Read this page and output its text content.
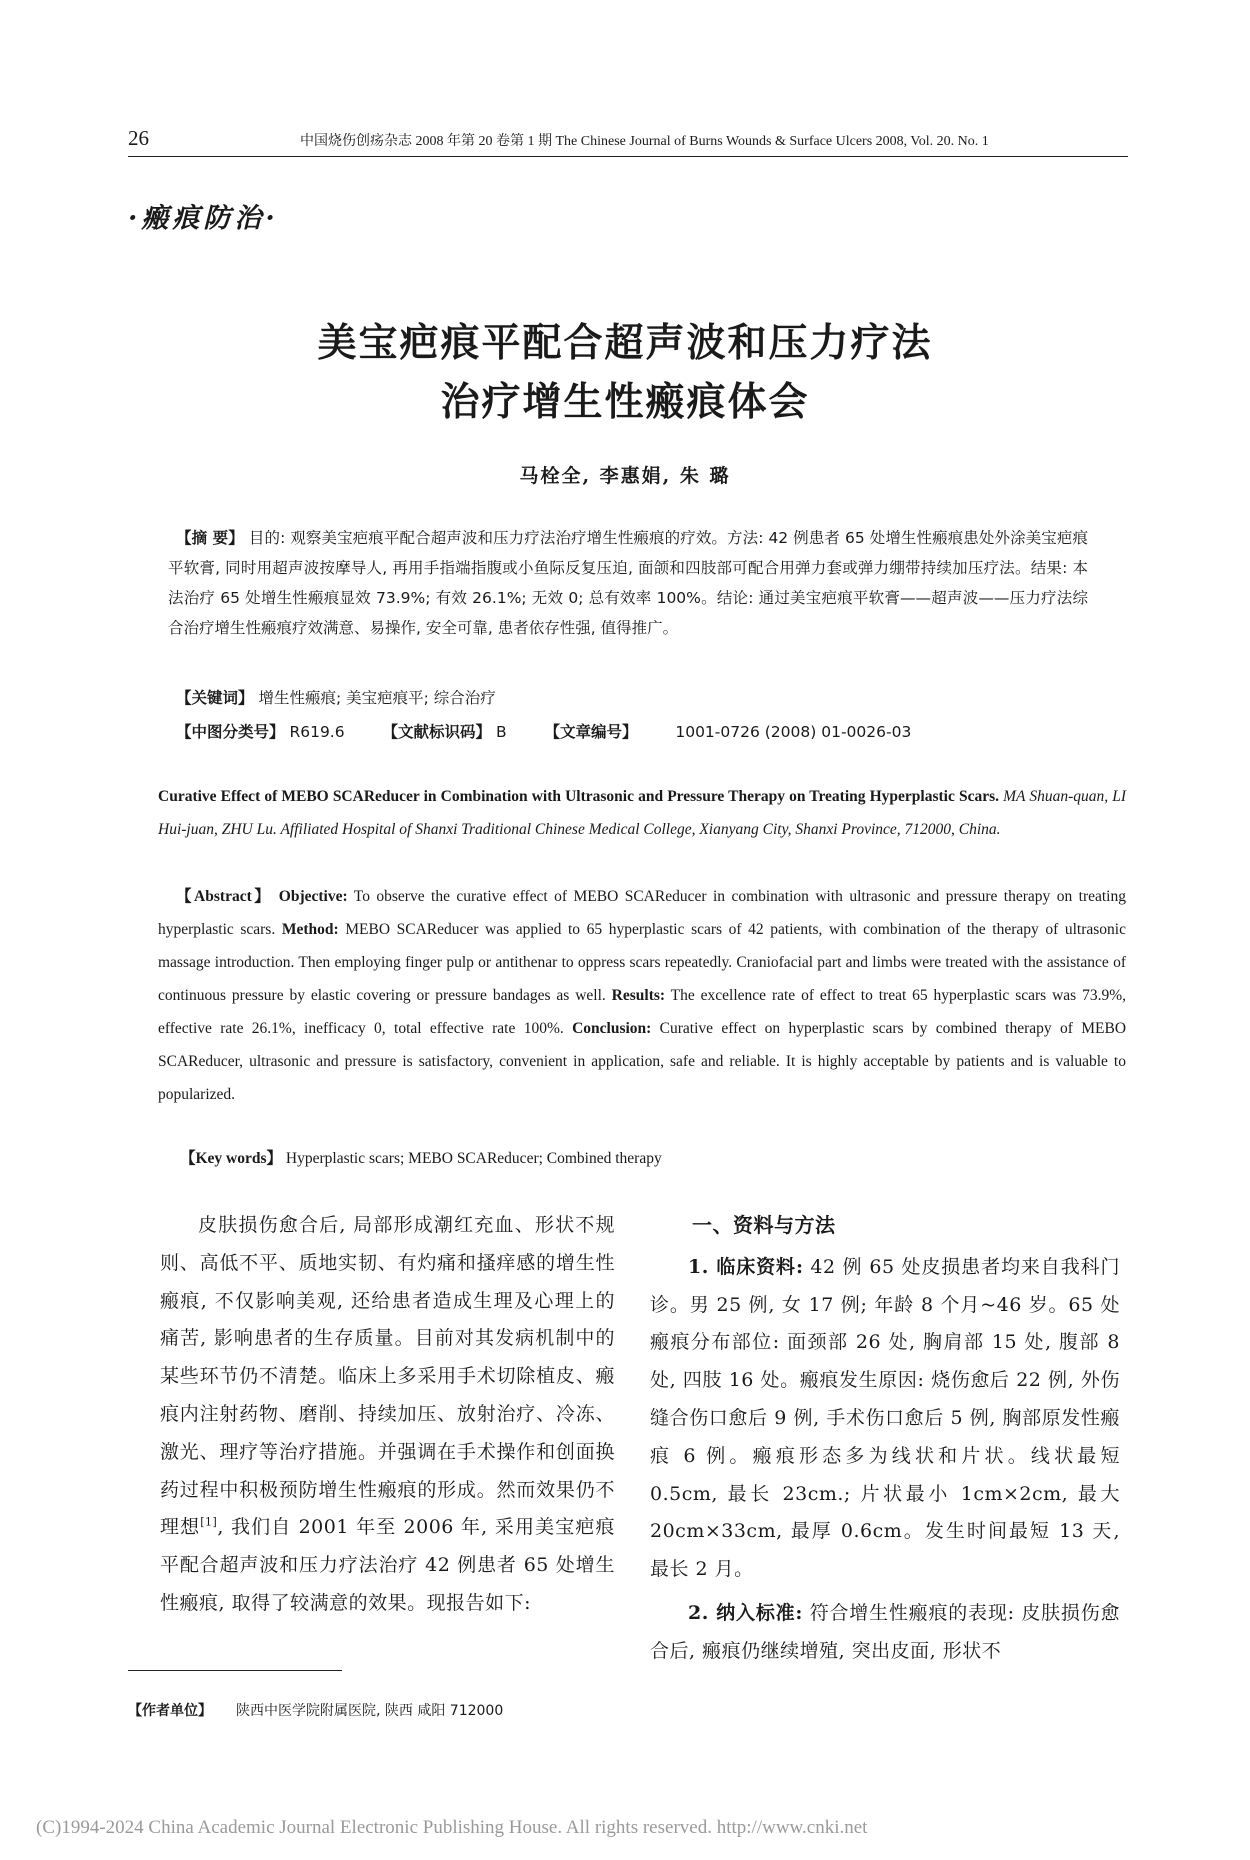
26	中国烧伤创疡杂志 2008 年第 20 卷第 1 期 The Chinese Journal of Burns Wounds & Surface Ulcers 2008, Vol. 20. No. 1
·瘢痕防治·
美宝疤痕平配合超声波和压力疗法
治疗增生性瘢痕体会
马栓全, 李惠娟, 朱 璐
【摘 要】 目的: 观察美宝疤痕平配合超声波和压力疗法治疗增生性瘢痕的疗效。方法: 42 例患者 65 处增生性瘢痕患处外涂美宝疤痕平软膏, 同时用超声波按摩导人, 再用手指端指腹或小鱼际反复压迫, 面颌和四肢部可配合用弹力套或弹力绷带持续加压疗法。结果: 本法治疗 65 处增生性瘢痕显效 73.9%; 有效 26.1%; 无效 0; 总有效率 100%。结论: 通过美宝疤痕平软膏——超声波——压力疗法综合治疗增生性瘢痕疗效满意、易操作, 安全可靠, 患者依存性强, 值得推广。
【关键词】 增生性瘢痕; 美宝疤痕平; 综合治疗
【中图分类号】 R619.6 【文献标识码】 B 【文章编号】 1001-0726 (2008) 01-0026-03
Curative Effect of MEBO SCAReducer in Combination with Ultrasonic and Pressure Therapy on Treating Hyperplastic Scars. MA Shuan-quan, LI Hui-juan, ZHU Lu. Affiliated Hospital of Shanxi Traditional Chinese Medical College, Xianyang City, Shanxi Province, 712000, China.
【Abstract】 Objective: To observe the curative effect of MEBO SCAReducer in combination with ultrasonic and pressure therapy on treating hyperplastic scars. Method: MEBO SCAReducer was applied to 65 hyperplastic scars of 42 patients, with combination of the therapy of ultrasonic massage introduction. Then employing finger pulp or antithenar to oppress scars repeatedly. Craniofacial part and limbs were treated with the assistance of continuous pressure by elastic covering or pressure bandages as well. Results: The excellence rate of effect to treat 65 hyperplastic scars was 73.9%, effective rate 26.1%, inefficacy 0, total effective rate 100%. Conclusion: Curative effect on hyperplastic scars by combined therapy of MEBO SCAReducer, ultrasonic and pressure is satisfactory, convenient in application, safe and reliable. It is highly acceptable by patients and is valuable to popularized.
【Key words】 Hyperplastic scars; MEBO SCAReducer; Combined therapy
皮肤损伤愈合后, 局部形成潮红充血、形状不规则、高低不平、质地实韧、有灼痛和搔痒感的增生性瘢痕, 不仅影响美观, 还给患者造成生理及心理上的痛苦, 影响患者的生存质量。目前对其发病机制中的某些环节仍不清楚。临床上多采用手术切除植皮、瘢痕内注射药物、磨削、持续加压、放射治疗、冷冻、激光、理疗等治疗措施。并强调在手术操作和创面换药过程中积极预防增生性瘢痕的形成。然而效果仍不理想[1], 我们自 2001 年至 2006 年, 采用美宝疤痕平配合超声波和压力疗法治疗 42 例患者 65 处增生性瘢痕, 取得了较满意的效果。现报告如下:
一、资料与方法

1. 临床资料: 42 例 65 处皮损患者均来自我科门诊。男 25 例, 女 17 例; 年龄 8 个月~46 岁。65 处瘢痕分布部位: 面颈部 26 处, 胸肩部 15 处, 腹部 8 处, 四肢 16 处。瘢痕发生原因: 烧伤愈后 22 例, 外伤缝合伤口愈后 9 例, 手术伤口愈后 5 例, 胸部原发性瘢痕 6 例。瘢痕形态多为线状和片状。线状最短 0.5cm, 最长 23cm.; 片状最小 1cm×2cm, 最大 20cm×33cm, 最厚 0.6cm。发生时间最短 13 天, 最长 2 月。

2. 纳入标准: 符合增生性瘢痕的表现: 皮肤损伤愈合后, 瘢痕仍继续增殖, 突出皮面, 形状不

【作者单位】 陕西中医学院附属医院, 陕西 咸阳 712000
(C)1994-2024 China Academic Journal Electronic Publishing House. All rights reserved. http://www.cnki.net
